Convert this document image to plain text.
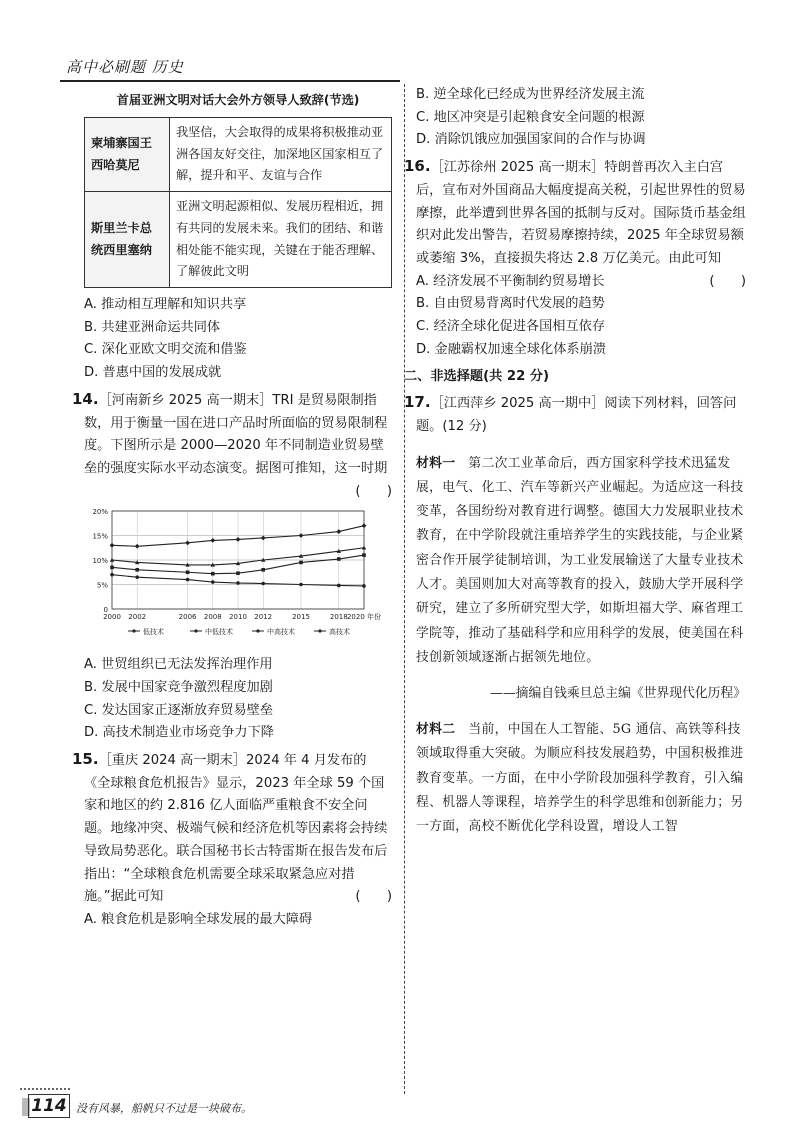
高中必刷题 历史
首届亚洲文明对话大会外方领导人致辞(节选)
柬埔寨国王西哈莫尼	我坚信，大会取得的成果将积极推动亚洲各国友好交往，加深地区国家相互了解，提升和平、友谊与合作
斯里兰卡总统西里塞纳	亚洲文明起源相似、发展历程相近，拥有共同的发展未来。我们的团结、和谐相处能不能实现，关键在于能否理解、了解彼此文明

A. 推动相互理解和知识共享

B. 共建亚洲命运共同体

C. 深化亚欧文明交流和借鉴

D. 普惠中国的发展成就

14.［河南新乡 2025 高一期末］TRI 是贸易限制指数，用于衡量一国在进口产品时所面临的贸易限制程度。下图所示是 2000—2020 年不同制造业贸易壁垒的强度实际水平动态演变。据图可推知，这一时期
(　　)

0
5%
10%
15%
20%
2000 2002	2006 2008 2010 2012	2015	2018 2020 年份
低技术	中低技术	中高技术	高技术

A. 世贸组织已无法发挥治理作用

B. 发展中国家竞争激烈程度加剧

C. 发达国家正逐渐放弃贸易壁垒

D. 高技术制造业市场竞争力下降

15.［重庆 2024 高一期末］2024 年 4 月发布的《全球粮食危机报告》显示，2023 年全球 59 个国家和地区的约 2.816 亿人面临严重粮食不安全问题。地缘冲突、极端气候和经济危机等因素将会持续导致局势恶化。联合国秘书长古特雷斯在报告发布后指出：“全球粮食危机需要全球采取紧急应对措施。”据此可知	(　　)

A. 粮食危机是影响全球发展的最大障碍

B. 逆全球化已经成为世界经济发展主流

C. 地区冲突是引起粮食安全问题的根源

D. 消除饥饿应加强国家间的合作与协调

16.［江苏徐州 2025 高一期末］特朗普再次入主白宫后，宣布对外国商品大幅度提高关税，引起世界性的贸易摩擦，此举遭到世界各国的抵制与反对。国际货币基金组织对此发出警告，若贸易摩擦持续，2025 年全球贸易额或萎缩 3%，直接损失将达 2.8 万亿美元。由此可知
(　　)

A. 经济发展不平衡制约贸易增长

B. 自由贸易背离时代发展的趋势

C. 经济全球化促进各国相互依存

D. 金融霸权加速全球化体系崩溃

二、非选择题(共 22 分)

17.［江西萍乡 2025 高一期中］阅读下列材料，回答问题。(12 分)

材料一　 第二次工业革命后，西方国家科学技术迅猛发展，电气、化工、汽车等新兴产业崛起。为适应这一科技变革，各国纷纷对教育进行调整。德国大力发展职业技术教育，在中学阶段就注重培养学生的实践技能，与企业紧密合作开展学徒制培训，为工业发展输送了大量专业技术人才。美国则加大对高等教育的投入，鼓励大学开展科学研究，建立了多所研究型大学，如斯坦福大学、麻省理工学院等，推动了基础科学和应用科学的发展，使美国在科技创新领域逐渐占据领先地位。

——摘编自钱乘旦总主编《世界现代化历程》

材料二　 当前，中国在人工智能、5G 通信、高铁等科技领域取得重大突破。为顺应科技发展趋势，中国积极推进教育变革。一方面，在中小学阶段加强科学教育，引入编程、机器人等课程，培养学生的科学思维和创新能力；另一方面，高校不断优化学科设置，增设人工智

114 没有风暴，船帆只不过是一块破布。
